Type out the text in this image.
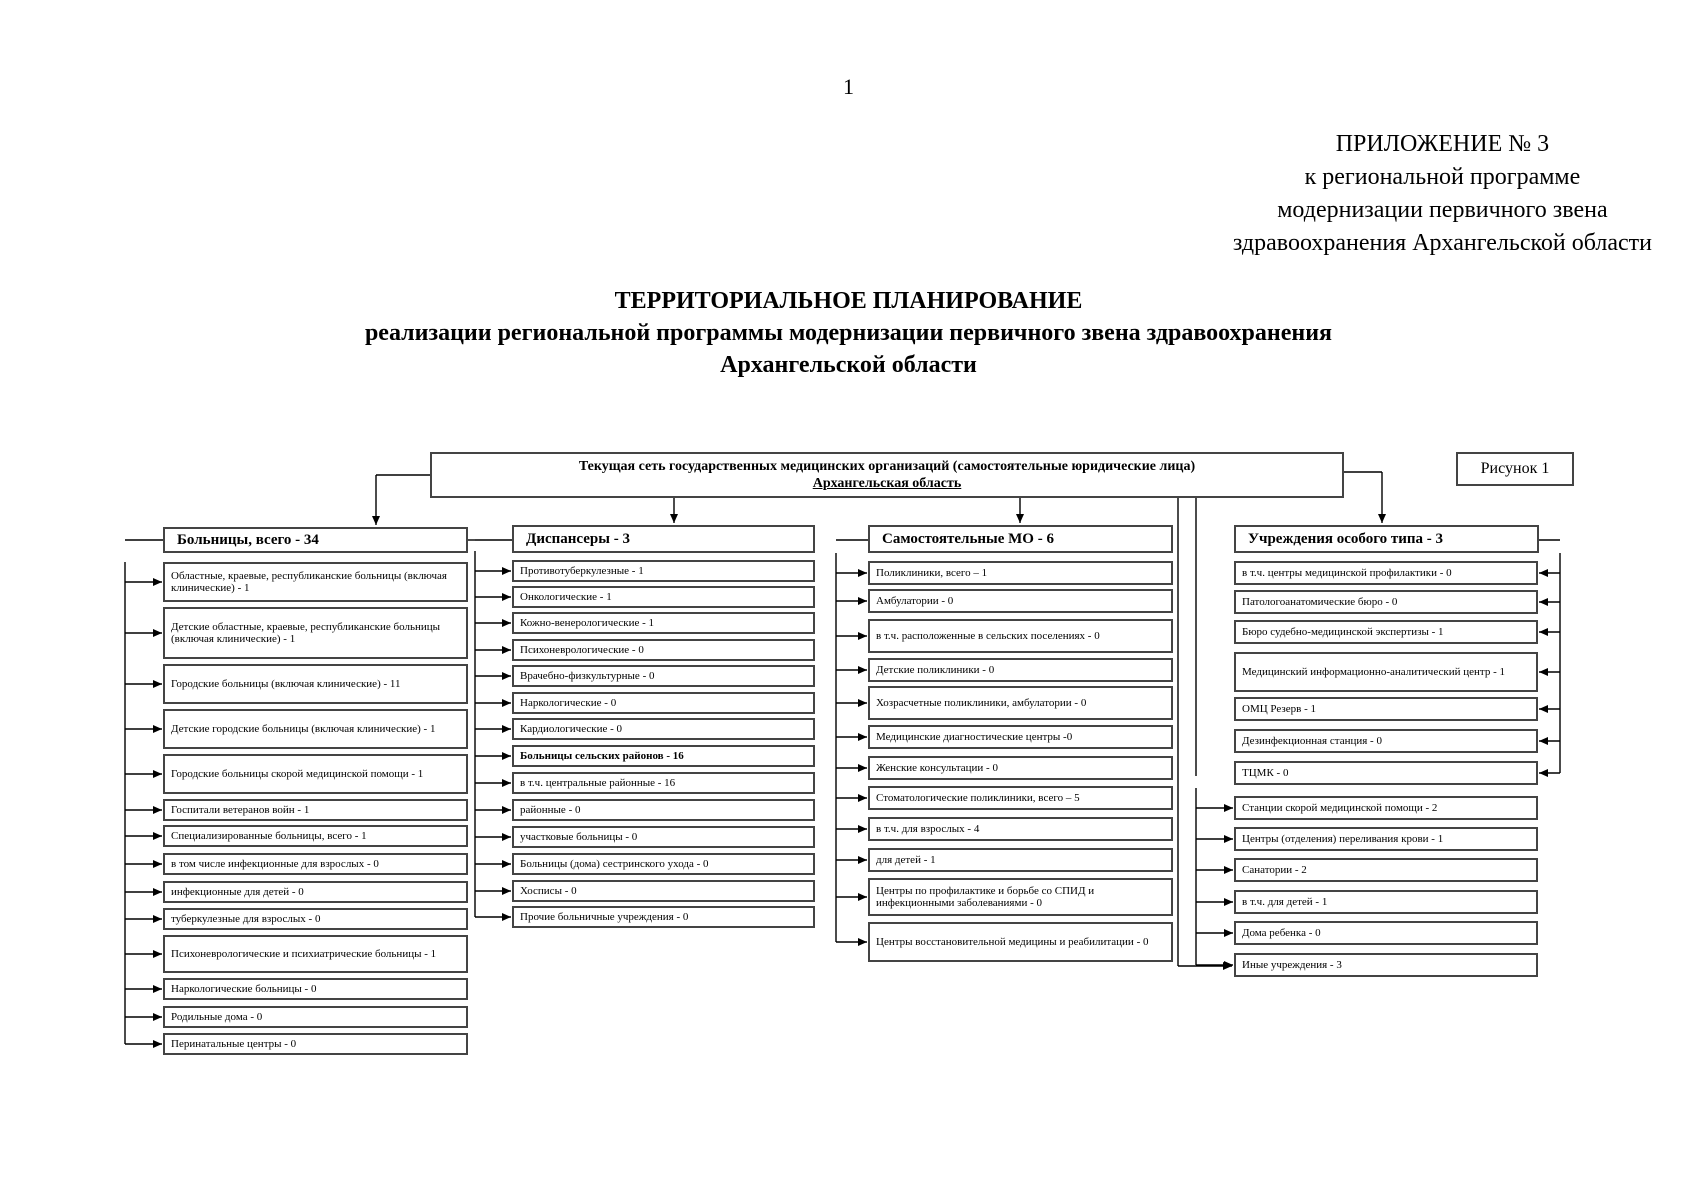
1
ПРИЛОЖЕНИЕ № 3
к региональной программе
модернизации первичного звена
здравоохранения Архангельской области
ТЕРРИТОРИАЛЬНОЕ ПЛАНИРОВАНИЕ
реализации региональной программы модернизации первичного звена здравоохранения
Архангельской области
Рисунок 1
Текущая сеть государственных медицинских организаций (самостоятельные юридические лица)
Архангельская область
Больницы, всего - 34	Диспансеры - 3	Самостоятельные МО - 6	Учреждения особого типа - 3
Областные, краевые, республиканские больницы (включая клинические) - 1
Детские областные, краевые, республиканские больницы (включая клинические) - 1
Городские больницы (включая клинические) - 11
Детские городские больницы (включая клинические) - 1
Городские больницы скорой медицинской помощи - 1
Госпитали ветеранов войн - 1
Специализированные больницы, всего - 1
в том числе инфекционные для взрослых - 0
инфекционные для детей - 0
туберкулезные для взрослых - 0
Психоневрологические и психиатрические больницы - 1
Наркологические больницы - 0
Родильные дома - 0
Перинатальные центры - 0
Противотуберкулезные - 1
Онкологические - 1
Кожно-венерологические - 1
Психоневрологические - 0
Врачебно-физкультурные - 0
Наркологические - 0
Кардиологические - 0
Больницы сельских районов - 16
в т.ч. центральные районные - 16
районные - 0
участковые больницы - 0
Больницы (дома) сестринского ухода - 0
Хосписы - 0
Прочие больничные учреждения - 0
Поликлиники, всего – 1
Амбулатории - 0
в т.ч. расположенные в сельских поселениях - 0
Детские поликлиники - 0
Хозрасчетные поликлиники, амбулатории - 0
Медицинские диагностические центры -0
Женские консультации - 0
Стоматологические поликлиники, всего – 5
в т.ч. для взрослых - 4
для детей - 1
Центры по профилактике и борьбе со СПИД и инфекционными заболеваниями - 0
Центры восстановительной медицины и реабилитации - 0
в т.ч. центры медицинской профилактики - 0
Патологоанатомические бюро - 0
Бюро судебно-медицинской экспертизы - 1
Медицинский информационно-аналитический центр - 1
ОМЦ Резерв - 1
Дезинфекционная станция - 0
ТЦМК - 0
Станции скорой медицинской помощи - 2
Центры (отделения) переливания крови - 1
Санатории - 2
в т.ч. для детей - 1
Дома ребенка - 0
Иные учреждения - 3
